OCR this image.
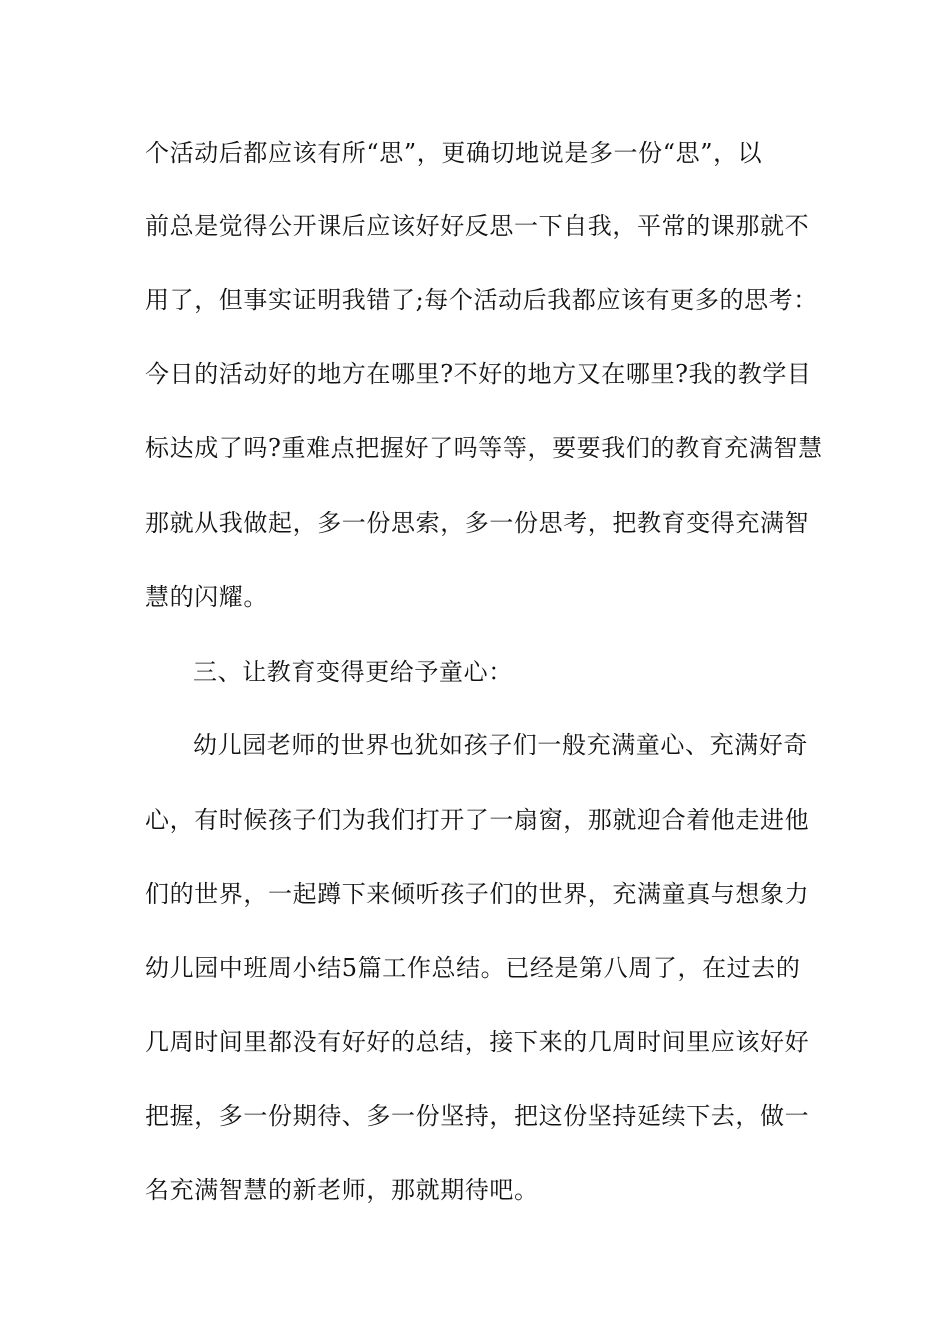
个活动后都应该有所“思”，更确切地说是多一份“思”，以
前总是觉得公开课后应该好好反思一下自我，平常的课那就不
用了，但事实证明我错了;每个活动后我都应该有更多的思考：
今日的活动好的地方在哪里?不好的地方又在哪里?我的教学目
标达成了吗?重难点把握好了吗等等，要要我们的教育充满智慧
那就从我做起，多一份思索，多一份思考，把教育变得充满智
慧的闪耀。
三、让教育变得更给予童心：
幼儿园老师的世界也犹如孩子们一般充满童心、充满好奇
心，有时候孩子们为我们打开了一扇窗，那就迎合着他走进他
们的世界，一起蹲下来倾听孩子们的世界，充满童真与想象力
幼儿园中班周小结5篇工作总结。已经是第八周了，在过去的
几周时间里都没有好好的总结，接下来的几周时间里应该好好
把握，多一份期待、多一份坚持，把这份坚持延续下去，做一
名充满智慧的新老师，那就期待吧。
